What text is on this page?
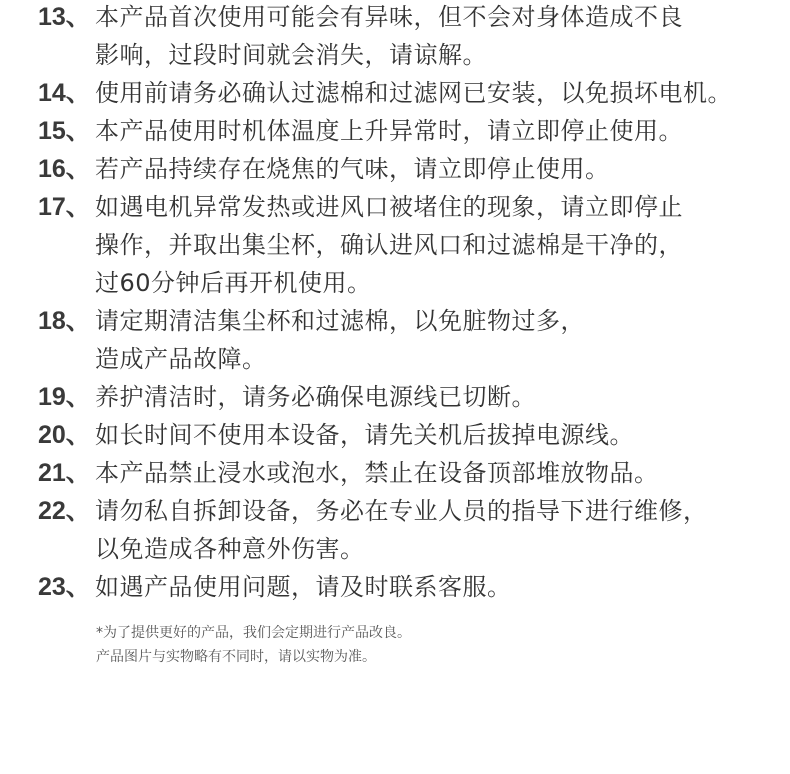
13、 本产品首次使用可能会有异味，但不会对身体造成不良
影响，过段时间就会消失，请谅解。
14、 使用前请务必确认过滤棉和过滤网已安装，以免损坏电机。
15、 本产品使用时机体温度上升异常时，请立即停止使用。
16、 若产品持续存在烧焦的气味，请立即停止使用。
17、 如遇电机异常发热或进风口被堵住的现象，请立即停止
操作，并取出集尘杯，确认进风口和过滤棉是干净的，
过60分钟后再开机使用。
18、 请定期清洁集尘杯和过滤棉，以免脏物过多，
造成产品故障。
19、 养护清洁时，请务必确保电源线已切断。
20、 如长时间不使用本设备，请先关机后拔掉电源线。
21、 本产品禁止浸水或泡水，禁止在设备顶部堆放物品。
22、 请勿私自拆卸设备，务必在专业人员的指导下进行维修，
以免造成各种意外伤害。
23、 如遇产品使用问题，请及时联系客服。
*为了提供更好的产品，我们会定期进行产品改良。
产品图片与实物略有不同时，请以实物为准。
